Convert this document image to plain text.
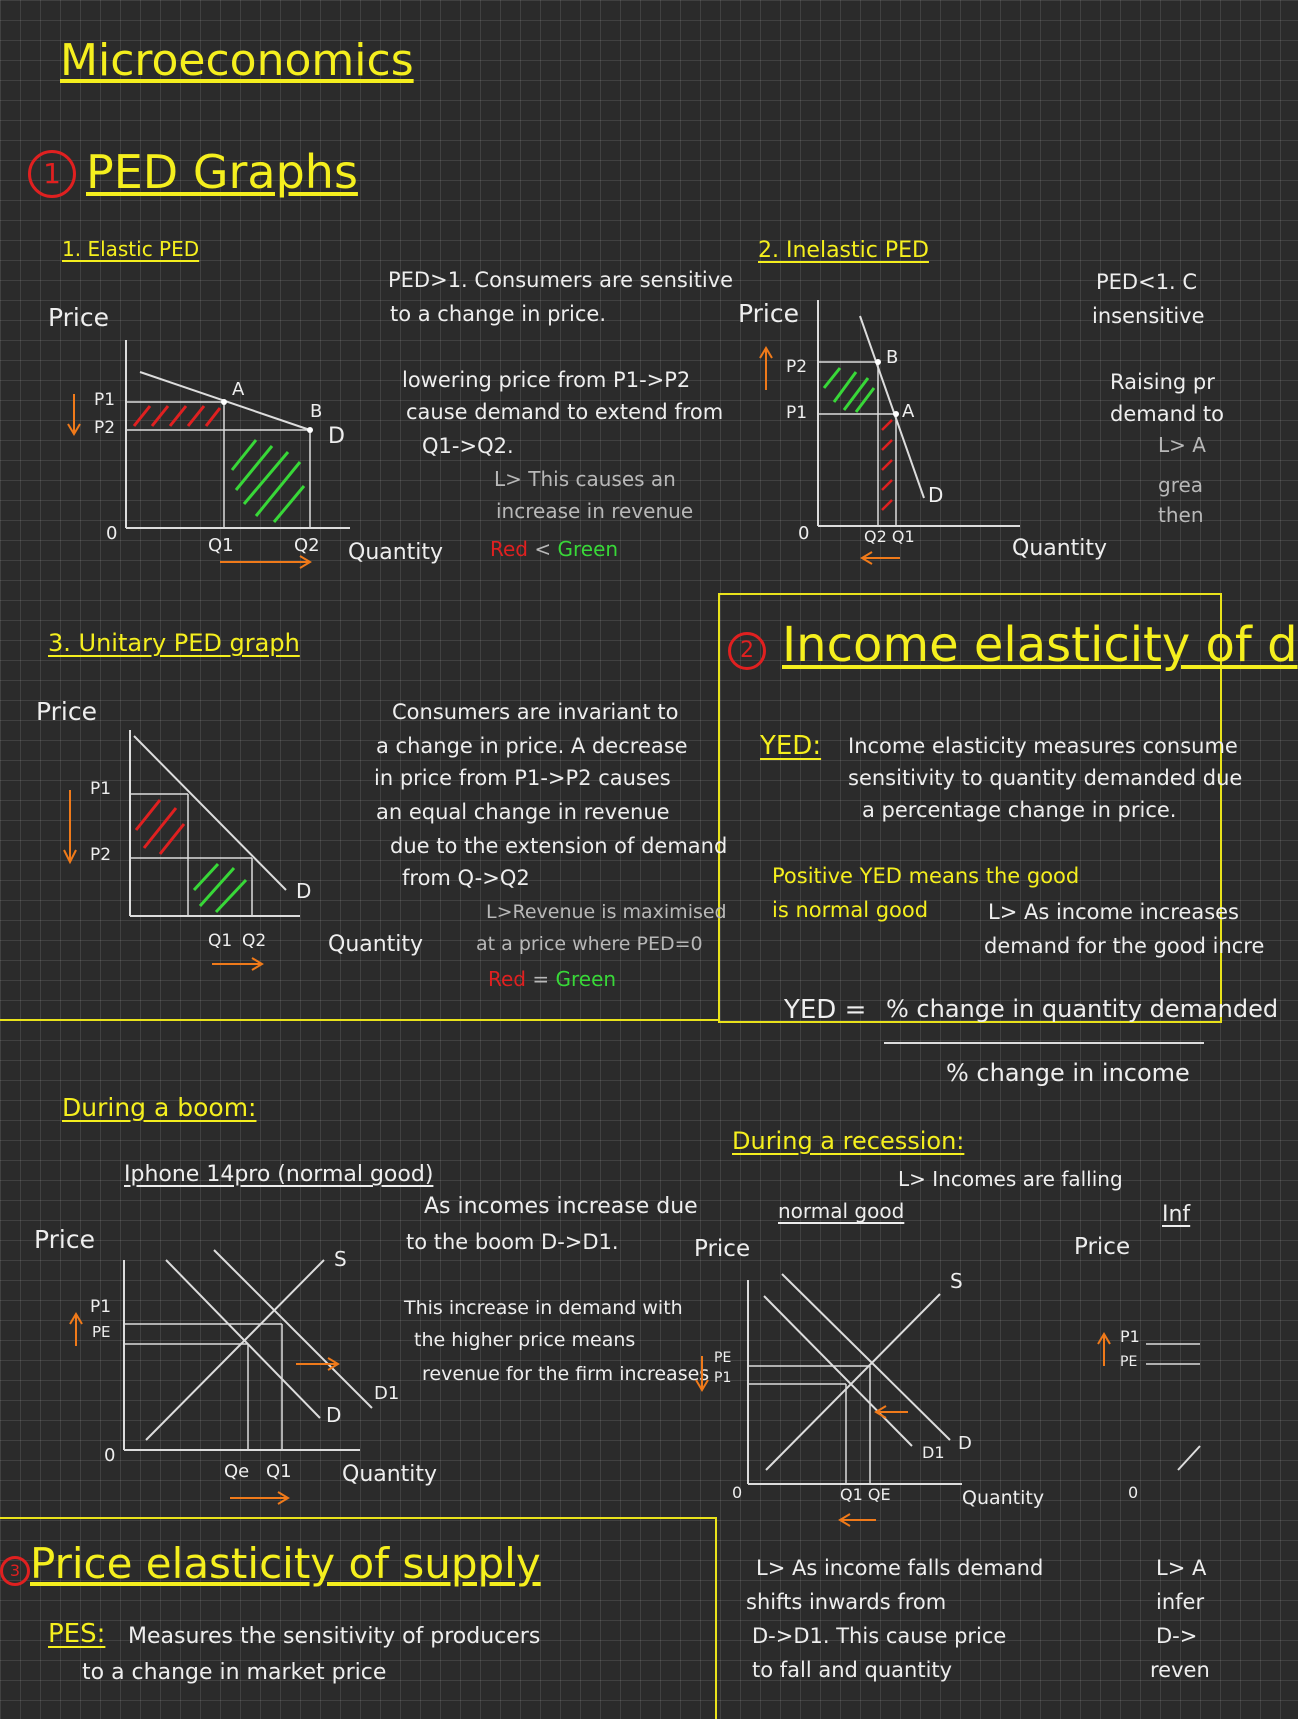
Microeconomics
1 PED Graphs
1. Elastic PED
Price
P1
P2
A
B
D
0
Q1	Q2 Quantity
PED>1. Consumers are sensitive
to a change in price.
lowering price from P1->P2
cause demand to extend from
Q1->Q2.
L> This causes an
increase in revenue
Red < Green
2. Inelastic PED
Price
P2
P1
B
A
D
0	Q2 Q1	Quantity
PED<1. C
insensitive
Raising pr
demand to
L> A
grea
then
3. Unitary PED graph
Price
P1
P2
D
Q1 Q2	Quantity
Consumers are invariant to
a change in price. A decrease
in price from P1->P2 causes
an equal change in revenue
due to the extension of demand
from Q->Q2
L>Revenue is maximised
at a price where PED=0
Red = Green
2 Income elasticity of d
YED: Income elasticity measures consume
sensitivity to quantity demanded due
a percentage change in price.
Positive YED means the good
is normal good	L> As income increases
demand for the good incre
YED = % change in quantity demanded
% change in income
During a boom:
Iphone 14pro (normal good)
Price
P1
PE
S
D1
D
0
Qe Q1 Quantity
As incomes increase due
to the boom D->D1.
This increase in demand with
the higher price means
revenue for the firm increases
During a recession:
L> Incomes are falling
normal good	Inf
Price
PE
P1
S
D1 D
0	Q1 QE	Quantity
Price
P1
PE
0
L> As income falls demand
shifts inwards from
D->D1. This cause price
to fall and quantity
L> A
infer
D->
reven
3 Price elasticity of supply
PES: Measures the sensitivity of producers
to a change in market price
